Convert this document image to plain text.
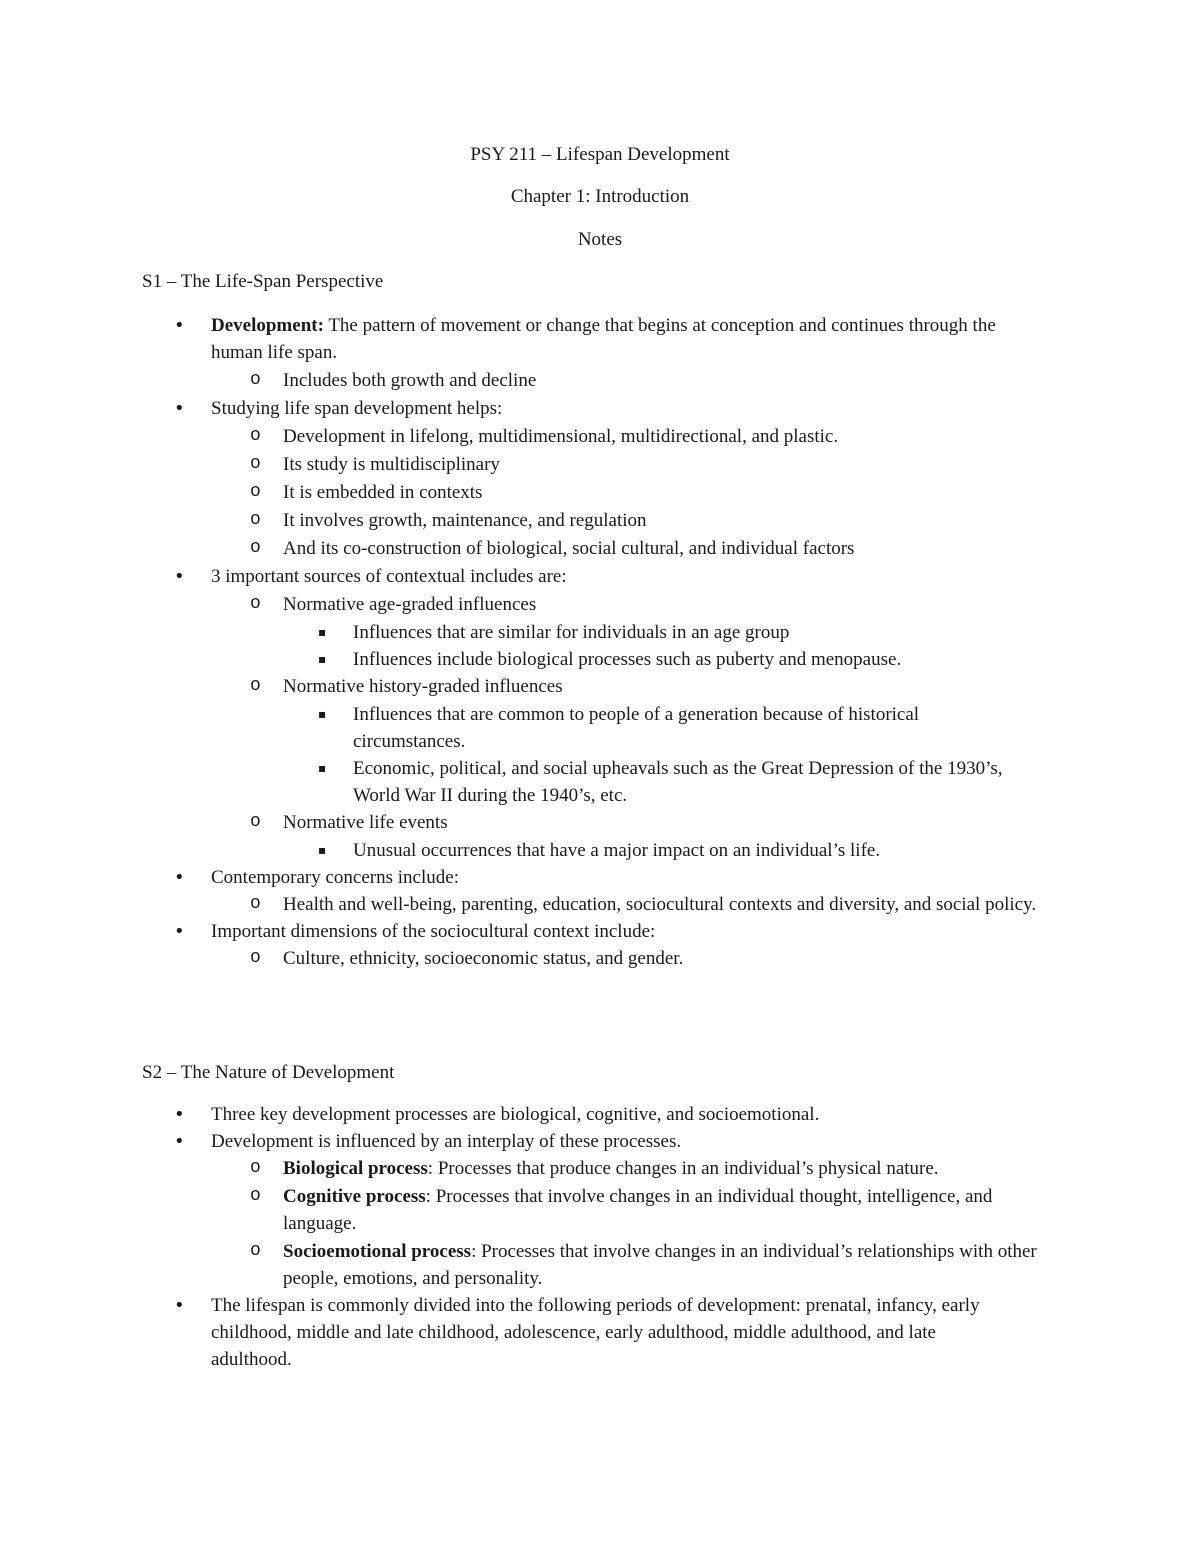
PSY 211 – Lifespan Development
Chapter 1: Introduction
Notes
S1 – The Life-Span Perspective
• Development: The pattern of movement or change that begins at conception and continues through the human life span.
o Includes both growth and decline
• Studying life span development helps:
o Development in lifelong, multidimensional, multidirectional, and plastic.
o Its study is multidisciplinary
o It is embedded in contexts
o It involves growth, maintenance, and regulation
o And its co-construction of biological, social cultural, and individual factors
• 3 important sources of contextual includes are:
o Normative age-graded influences
▪ Influences that are similar for individuals in an age group
▪ Influences include biological processes such as puberty and menopause.
o Normative history-graded influences
▪ Influences that are common to people of a generation because of historical circumstances.
▪ Economic, political, and social upheavals such as the Great Depression of the 1930’s, World War II during the 1940’s, etc.
o Normative life events
▪ Unusual occurrences that have a major impact on an individual’s life.
• Contemporary concerns include:
o Health and well-being, parenting, education, sociocultural contexts and diversity, and social policy.
• Important dimensions of the sociocultural context include:
o Culture, ethnicity, socioeconomic status, and gender.
S2 – The Nature of Development
• Three key development processes are biological, cognitive, and socioemotional.
• Development is influenced by an interplay of these processes.
o Biological process: Processes that produce changes in an individual’s physical nature.
o Cognitive process: Processes that involve changes in an individual thought, intelligence, and language.
o Socioemotional process: Processes that involve changes in an individual’s relationships with other people, emotions, and personality.
• The lifespan is commonly divided into the following periods of development: prenatal, infancy, early childhood, middle and late childhood, adolescence, early adulthood, middle adulthood, and late adulthood.
